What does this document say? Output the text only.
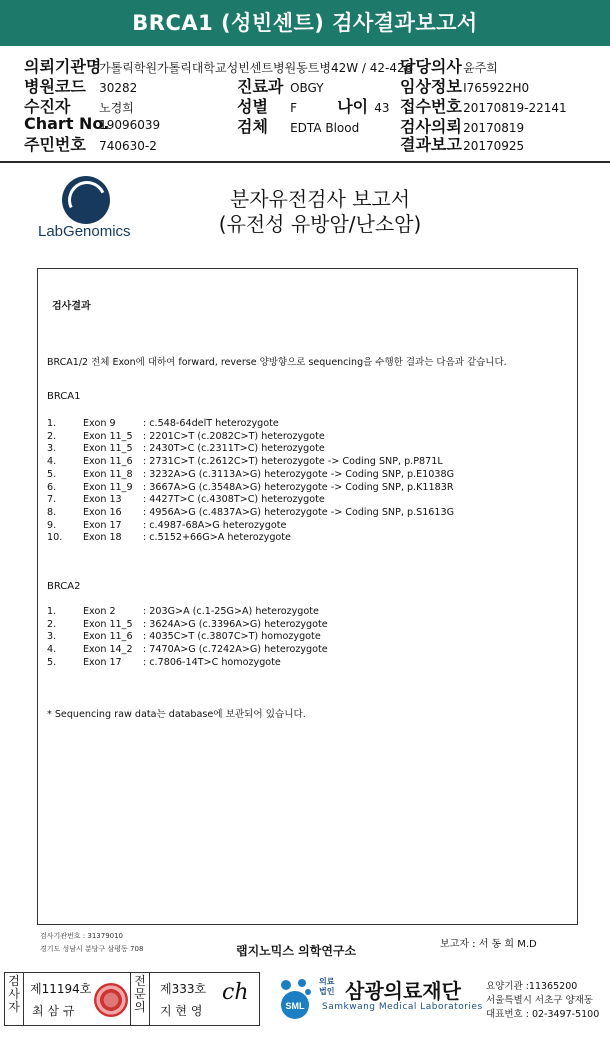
BRCA1 (성빈센트) 검사결과보고서
의뢰기관명 가톨릭학원가톨릭대학교성빈센트병원동트병42W / 42-426
병원코드 30282
수진자 노경희
Chart No. 19096039
주민번호 740630-2
진료과 OBGY
성별 F	나이 43
검체 EDTA Blood
담당의사 윤주희
임상정보 I765922H0
접수번호 20170819-22141
검사의뢰 20170819
결과보고 20170925
LabGenomics
분자유전검사 보고서
(유전성 유방암/난소암)
검사결과
BRCA1/2 전체 Exon에 대하여 forward, reverse 양방향으로 sequencing을 수행한 결과는 다음과 같습니다.
BRCA1
1.	Exon 9	: c.548-64delT heterozygote
2.	Exon 11_5 : 2201C>T (c.2082C>T) heterozygote
3.	Exon 11_5 : 2430T>C (c.2311T>C) heterozygote
4.	Exon 11_6 : 2731C>T (c.2612C>T) heterozygote -> Coding SNP, p.P871L
5.	Exon 11_8 : 3232A>G (c.3113A>G) heterozygote -> Coding SNP, p.E1038G
6.	Exon 11_9 : 3667A>G (c.3548A>G) heterozygote -> Coding SNP, p.K1183R
7.	Exon 13 : 4427T>C (c.4308T>C) heterozygote
8.	Exon 16 : 4956A>G (c.4837A>G) heterozygote -> Coding SNP, p.S1613G
9.	Exon 17 : c.4987-68A>G heterozygote
10. Exon 18 : c.5152+66G>A heterozygote
BRCA2
1.	Exon 2	: 203G>A (c.1-25G>A) heterozygote
2.	Exon 11_5 : 3624A>G (c.3396A>G) heterozygote
3.	Exon 11_6 : 4035C>T (c.3807C>T) homozygote
4.	Exon 14_2 : 7470A>G (c.7242A>G) heterozygote
5.	Exon 17 : c.7806-14T>C homozygote
* Sequencing raw data는 database에 보관되어 있습니다.
검사기관번호 : 31379010
경기도 성남시 분당구 삼평동 708	보고자 : 서 동 희 M.D
랩지노믹스 의학연구소
검사자
제11194호
최 삼 규
전문의
제333호
지 현 영
ch
SML
의료
법인 삼광의료재단
Samkwang Medical Laboratories
요양기관 :11365200
서울특별시 서초구 양재동
대표번호 : 02-3497-5100
